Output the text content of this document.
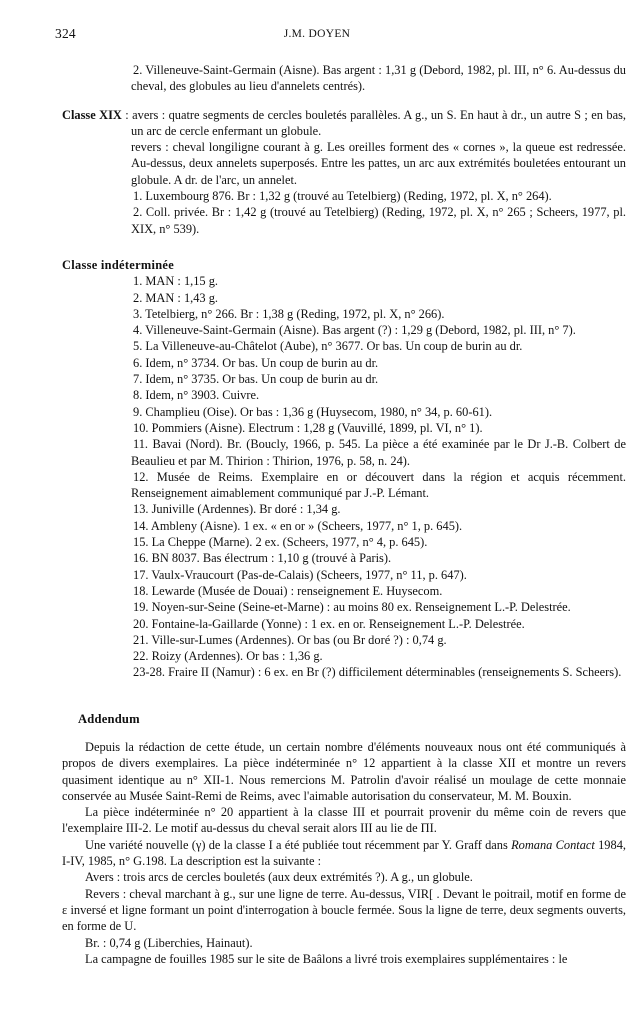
324	J.M. DOYEN
2. Villeneuve-Saint-Germain (Aisne). Bas argent : 1,31 g (Debord, 1982, pl. III, n° 6. Au-dessus du cheval, des globules au lieu d'annelets centrés).
Classe XIX : avers : quatre segments de cercles bouletés parallèles. A g., un S. En haut à dr., un autre S ; en bas, un arc de cercle enfermant un globule.
revers : cheval longiligne courant à g. Les oreilles forment des « cornes », la queue est redressée. Au-dessus, deux annelets superposés. Entre les pattes, un arc aux extrémités bouletées entourant un globule. A dr. de l'arc, un annelet.
1. Luxembourg 876. Br : 1,32 g (trouvé au Tetelbierg) (Reding, 1972, pl. X, n° 264).
2. Coll. privée. Br : 1,42 g (trouvé au Tetelbierg) (Reding, 1972, pl. X, n° 265 ; Scheers, 1977, pl. XIX, n° 539).
Classe indéterminée
1. MAN : 1,15 g.
2. MAN : 1,43 g.
3. Tetelbierg, n° 266. Br : 1,38 g (Reding, 1972, pl. X, n° 266).
4. Villeneuve-Saint-Germain (Aisne). Bas argent (?) : 1,29 g (Debord, 1982, pl. III, n° 7).
5. La Villeneuve-au-Châtelot (Aube), n° 3677. Or bas. Un coup de burin au dr.
6. Idem, n° 3734. Or bas. Un coup de burin au dr.
7. Idem, n° 3735. Or bas. Un coup de burin au dr.
8. Idem, n° 3903. Cuivre.
9. Champlieu (Oise). Or bas : 1,36 g (Huysecom, 1980, n° 34, p. 60-61).
10. Pommiers (Aisne). Electrum : 1,28 g (Vauvillé, 1899, pl. VI, n° 1).
11. Bavai (Nord). Br. (Boucly, 1966, p. 545. La pièce a été examinée par le Dr J.-B. Colbert de Beaulieu et par M. Thirion : Thirion, 1976, p. 58, n. 24).
12. Musée de Reims. Exemplaire en or découvert dans la région et acquis récemment. Renseignement aimablement communiqué par J.-P. Lémant.
13. Juniville (Ardennes). Br doré : 1,34 g.
14. Ambleny (Aisne). 1 ex. « en or » (Scheers, 1977, n° 1, p. 645).
15. La Cheppe (Marne). 2 ex. (Scheers, 1977, n° 4, p. 645).
16. BN 8037. Bas électrum : 1,10 g (trouvé à Paris).
17. Vaulx-Vraucourt (Pas-de-Calais) (Scheers, 1977, n° 11, p. 647).
18. Lewarde (Musée de Douai) : renseignement E. Huysecom.
19. Noyen-sur-Seine (Seine-et-Marne) : au moins 80 ex. Renseignement L.-P. Delestrée.
20. Fontaine-la-Gaillarde (Yonne) : 1 ex. en or. Renseignement L.-P. Delestrée.
21. Ville-sur-Lumes (Ardennes). Or bas (ou Br doré ?) : 0,74 g.
22. Roizy (Ardennes). Or bas : 1,36 g.
23-28. Fraire II (Namur) : 6 ex. en Br (?) difficilement déterminables (renseignements S. Scheers).
Addendum
Depuis la rédaction de cette étude, un certain nombre d'éléments nouveaux nous ont été communiqués à propos de divers exemplaires. La pièce indéterminée n° 12 appartient à la classe XII et montre un revers quasiment identique au n° XII-1. Nous remercions M. Patrolin d'avoir réalisé un moulage de cette monnaie conservée au Musée Saint-Remi de Reims, avec l'aimable autorisation du conservateur, M. M. Bouxin.
La pièce indéterminée n° 20 appartient à la classe III et pourrait provenir du même coin de revers que l'exemplaire III-2. Le motif au-dessus du cheval serait alors III au lie de ПI.
Une variété nouvelle (γ) de la classe I a été publiée tout récemment par Y. Graff dans Romana Contact 1984, I-IV, 1985, n° G.198. La description est la suivante :
Avers : trois arcs de cercles bouletés (aux deux extrémités ?). A g., un globule.
Revers : cheval marchant à g., sur une ligne de terre. Au-dessus, VIR[ . Devant le poitrail, motif en forme de ε inversé et ligne formant un point d'interrogation à boucle fermée. Sous la ligne de terre, deux segments ouverts, en forme de U.
Br. : 0,74 g (Liberchies, Hainaut).
La campagne de fouilles 1985 sur le site de Baâlons a livré trois exemplaires supplémentaires : le
